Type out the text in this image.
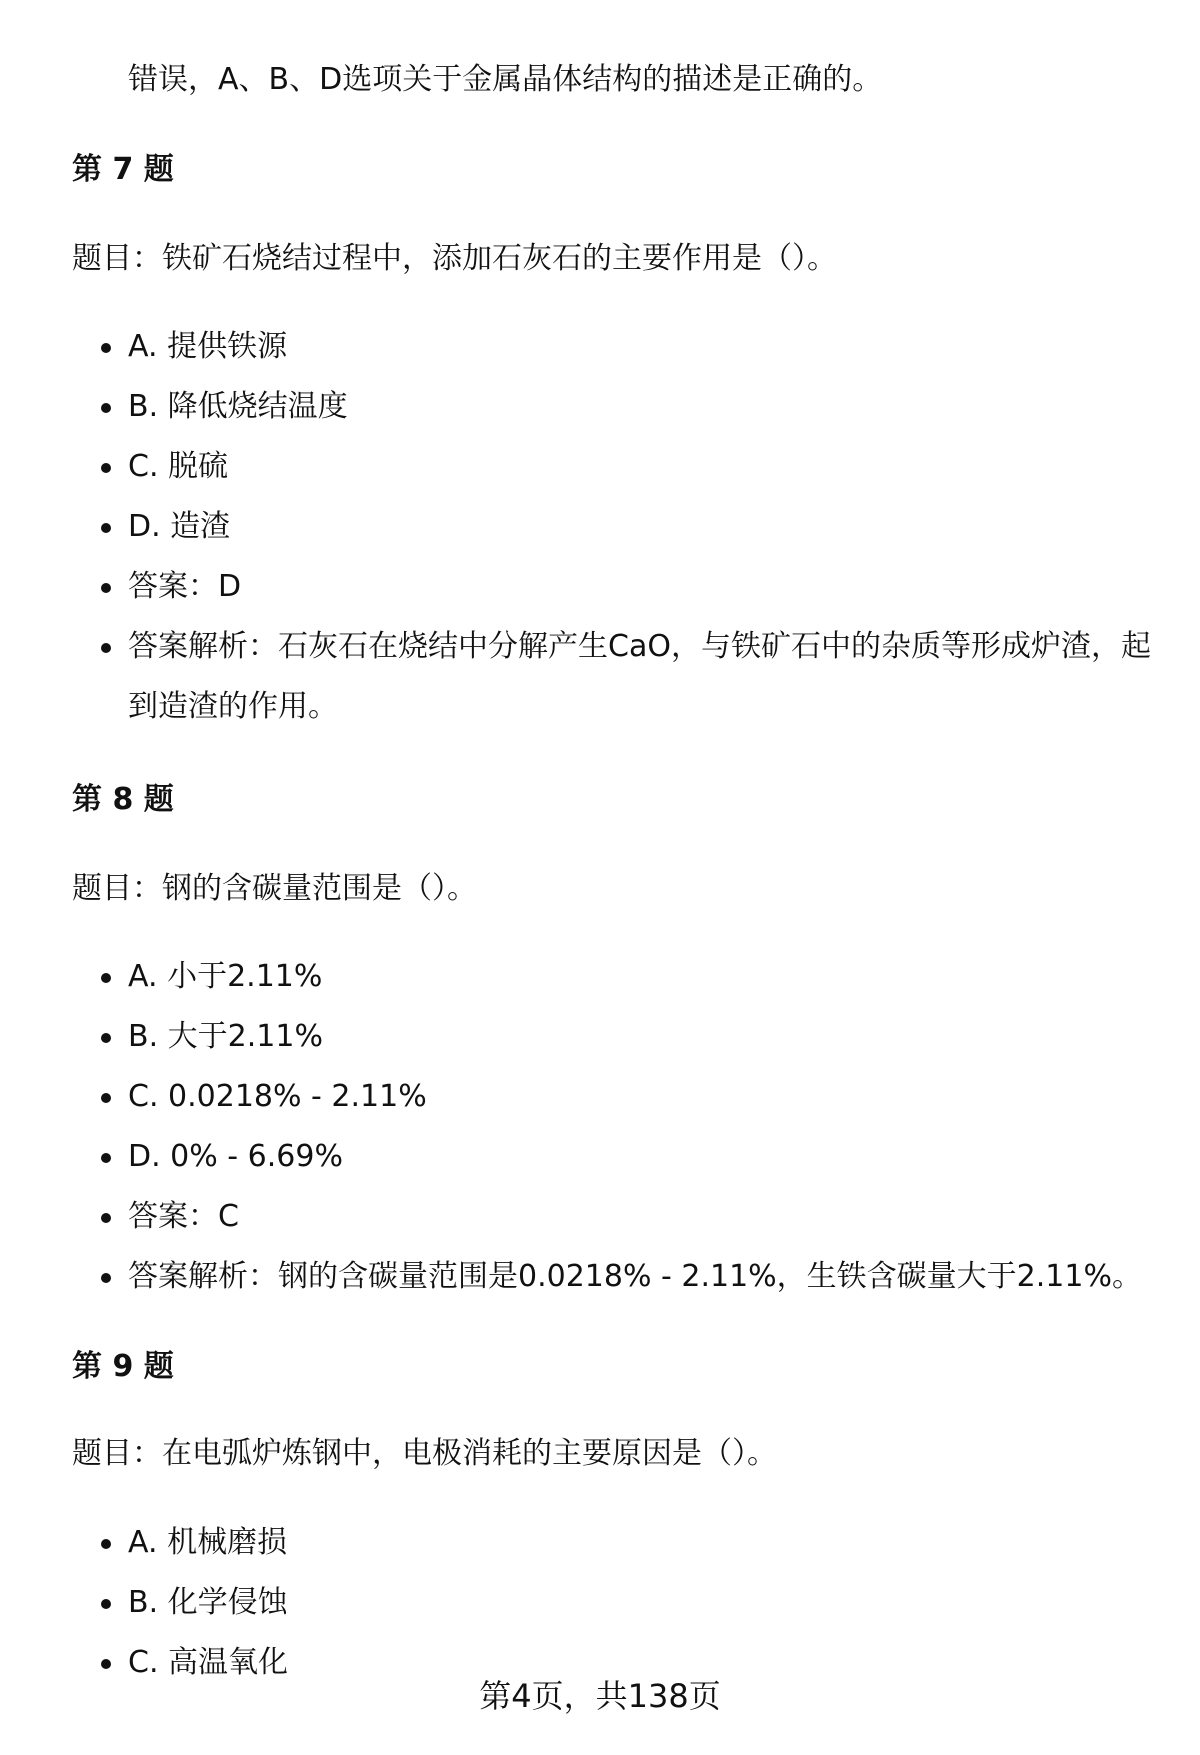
错误，A、B、D选项关于金属晶体结构的描述是正确的。

第 7 题

题目：铁矿石烧结过程中，添加石灰石的主要作用是（）。

A. 提供铁源
B. 降低烧结温度
C. 脱硫
D. 造渣
答案：D
答案解析：石灰石在烧结中分解产生CaO，与铁矿石中的杂质等形成炉渣，起到造渣的作用。
第 8 题

题目：钢的含碳量范围是（）。

A. 小于2.11%
B. 大于2.11%
C. 0.0218% - 2.11%
D. 0% - 6.69%
答案：C
答案解析：钢的含碳量范围是0.0218% - 2.11%，生铁含碳量大于2.11%。
第 9 题

题目：在电弧炉炼钢中，电极消耗的主要原因是（）。

A. 机械磨损
B. 化学侵蚀
C. 高温氧化
第4页，共138页
